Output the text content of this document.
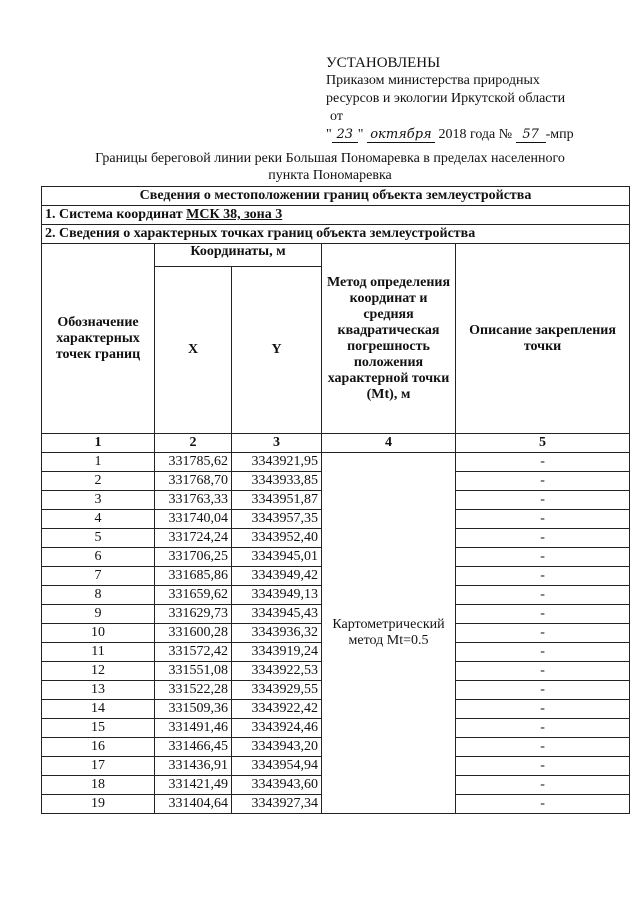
УСТАНОВЛЕНЫ
Приказом министерства природных
ресурсов и экологии Иркутской области
от
" 23 " октября 2018 года № 57 -мпр
Границы береговой линии реки Большая Пономаревка в пределах населенного
пункта Пономаревка
Сведения о местоположении границ объекта землеустройства				
1. Система координат МСК 38, зона 3				
2. Сведения о характерных точках границ объекта землеустройства				
Обозначение характерных точек границ	Координаты, м		Метод определения координат и средняя квадратическая погрешность положения характерной точки (Mt), м	Описание закрепления точки
	X	Y		
1	2	3	4	5
1	331785,62	3343921,95	Картометрический метод Mt=0.5	-
2	331768,70	3343933,85		-
3	331763,33	3343951,87		-
4	331740,04	3343957,35		-
5	331724,24	3343952,40		-
6	331706,25	3343945,01		-
7	331685,86	3343949,42		-
8	331659,62	3343949,13		-
9	331629,73	3343945,43		-
10	331600,28	3343936,32		-
11	331572,42	3343919,24		-
12	331551,08	3343922,53		-
13	331522,28	3343929,55		-
14	331509,36	3343922,42		-
15	331491,46	3343924,46		-
16	331466,45	3343943,20		-
17	331436,91	3343954,94		-
18	331421,49	3343943,60		-
19	331404,64	3343927,34		-
